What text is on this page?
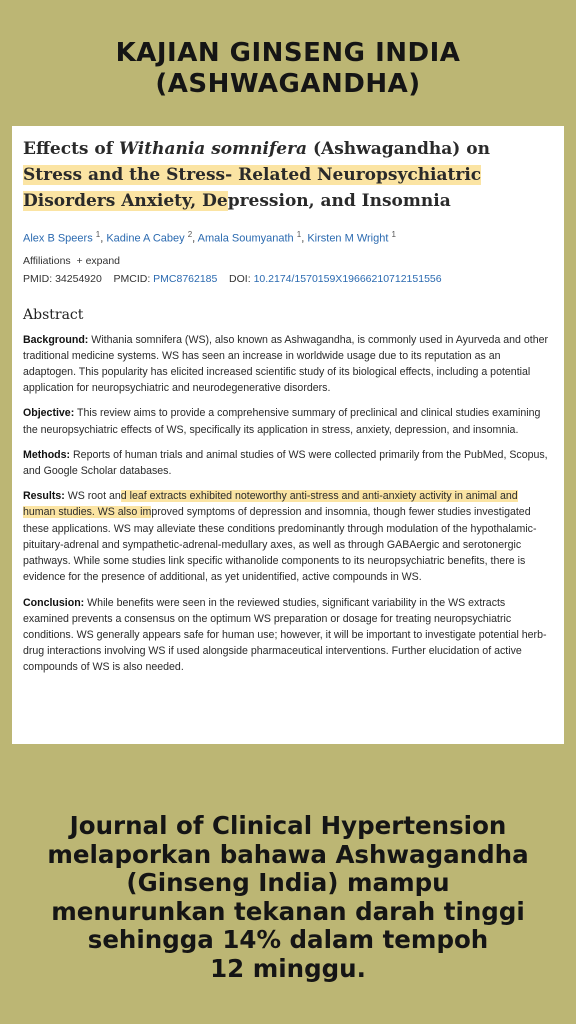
KAJIAN GINSENG INDIA
(ASHWAGANDHA)
Effects of Withania somnifera (Ashwagandha) on Stress and the Stress- Related Neuropsychiatric Disorders Anxiety, Depression, and Insomnia
Alex B Speers $^1$, Kadine A Cabey $^2$, Amala Soumyanath $^1$, Kirsten M Wright $^1$
Affiliations + expand
PMID: 34254920 PMCID: PMC8762185 DOI: 10.2174/1570159X19666210712151556
Abstract
Background: Withania somnifera (WS), also known as Ashwagandha, is commonly used in Ayurveda and other traditional medicine systems. WS has seen an increase in worldwide usage due to its reputation as an adaptogen. This popularity has elicited increased scientific study of its biological effects, including a potential application for neuropsychiatric and neurodegenerative disorders.
Objective: This review aims to provide a comprehensive summary of preclinical and clinical studies examining the neuropsychiatric effects of WS, specifically its application in stress, anxiety, depression, and insomnia.
Methods: Reports of human trials and animal studies of WS were collected primarily from the PubMed, Scopus, and Google Scholar databases.
Results: WS root and leaf extracts exhibited noteworthy anti-stress and anti-anxiety activity in animal and human studies. WS also improved symptoms of depression and insomnia, though fewer studies investigated these applications. WS may alleviate these conditions predominantly through modulation of the hypothalamic-pituitary-adrenal and sympathetic-adrenal-medullary axes, as well as through GABAergic and serotonergic pathways. While some studies link specific withanolide components to its neuropsychiatric benefits, there is evidence for the presence of additional, as yet unidentified, active compounds in WS.
Conclusion: While benefits were seen in the reviewed studies, significant variability in the WS extracts examined prevents a consensus on the optimum WS preparation or dosage for treating neuropsychiatric conditions. WS generally appears safe for human use; however, it will be important to investigate potential herb-drug interactions involving WS if used alongside pharmaceutical interventions. Further elucidation of active compounds of WS is also needed.
Journal of Clinical Hypertension
melaporkan bahawa Ashwagandha
(Ginseng India) mampu
menurunkan tekanan darah tinggi
sehingga 14% dalam tempoh
12 minggu.
